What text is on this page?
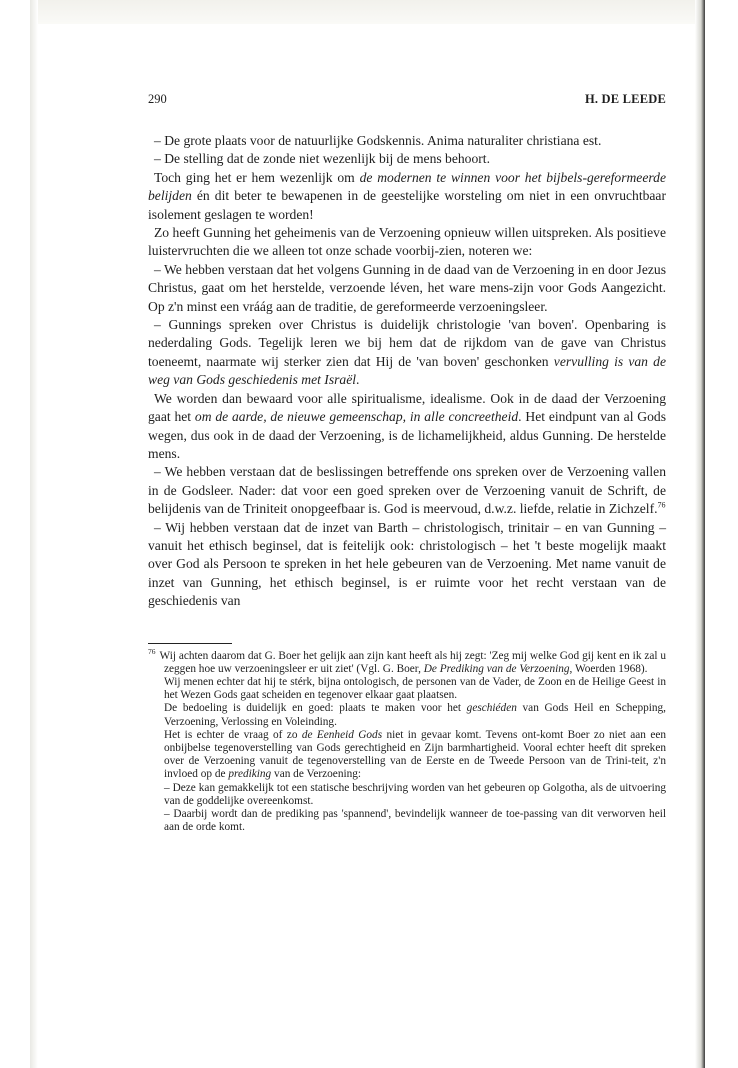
290	H. DE LEEDE

– De grote plaats voor de natuurlijke Godskennis. Anima naturaliter christiana est.

– De stelling dat de zonde niet wezenlijk bij de mens behoort.

Toch ging het er hem wezenlijk om de modernen te winnen voor het bijbels-gereformeerde belijden én dit beter te bewapenen in de geestelijke worsteling om niet in een onvruchtbaar isolement geslagen te worden!

Zo heeft Gunning het geheimenis van de Verzoening opnieuw willen uitspreken. Als positieve luistervruchten die we alleen tot onze schade voorbij-zien, noteren we:

– We hebben verstaan dat het volgens Gunning in de daad van de Verzoening in en door Jezus Christus, gaat om het herstelde, verzoende léven, het ware mens-zijn voor Gods Aangezicht. Op z'n minst een vráág aan de traditie, de gereformeerde verzoeningsleer.

– Gunnings spreken over Christus is duidelijk christologie 'van boven'. Openbaring is nederdaling Gods. Tegelijk leren we bij hem dat de rijkdom van de gave van Christus toeneemt, naarmate wij sterker zien dat Hij de 'van boven' geschonken vervulling is van de weg van Gods geschiedenis met Israël.

We worden dan bewaard voor alle spiritualisme, idealisme. Ook in de daad der Verzoening gaat het om de aarde, de nieuwe gemeenschap, in alle concreetheid. Het eindpunt van al Gods wegen, dus ook in de daad der Verzoening, is de lichamelijkheid, aldus Gunning. De herstelde mens.

– We hebben verstaan dat de beslissingen betreffende ons spreken over de Verzoening vallen in de Godsleer. Nader: dat voor een goed spreken over de Verzoening vanuit de Schrift, de belijdenis van de Triniteit onopgeefbaar is. God is meervoud, d.w.z. liefde, relatie in Zichzelf.$^{76}$

– Wij hebben verstaan dat de inzet van Barth – christologisch, trinitair – en van Gunning – vanuit het ethisch beginsel, dat is feitelijk ook: christologisch – het 't beste mogelijk maakt over God als Persoon te spreken in het hele gebeuren van de Verzoening. Met name vanuit de inzet van Gunning, het ethisch beginsel, is er ruimte voor het recht verstaan van de geschiedenis van

$^{76}$ Wij achten daarom dat G. Boer het gelijk aan zijn kant heeft als hij zegt: 'Zeg mij welke God gij kent en ik zal u zeggen hoe uw verzoeningsleer er uit ziet' (Vgl. G. Boer, De Prediking van de Verzoening, Woerden 1968).

Wij menen echter dat hij te stérk, bijna ontologisch, de personen van de Vader, de Zoon en de Heilige Geest in het Wezen Gods gaat scheiden en tegenover elkaar gaat plaatsen.

De bedoeling is duidelijk en goed: plaats te maken voor het geschiéden van Gods Heil en Schepping, Verzoening, Verlossing en Voleinding.

Het is echter de vraag of zo de Eenheid Gods niet in gevaar komt. Tevens ont-komt Boer zo niet aan een onbijbelse tegenoverstelling van Gods gerechtigheid en Zijn barmhartigheid. Vooral echter heeft dit spreken over de Verzoening vanuit de tegenoverstelling van de Eerste en de Tweede Persoon van de Trini-teit, z'n invloed op de prediking van de Verzoening:

– Deze kan gemakkelijk tot een statische beschrijving worden van het gebeuren op Golgotha, als de uitvoering van de goddelijke overeenkomst.

– Daarbij wordt dan de prediking pas 'spannend', bevindelijk wanneer de toe-passing van dit verworven heil aan de orde komt.
